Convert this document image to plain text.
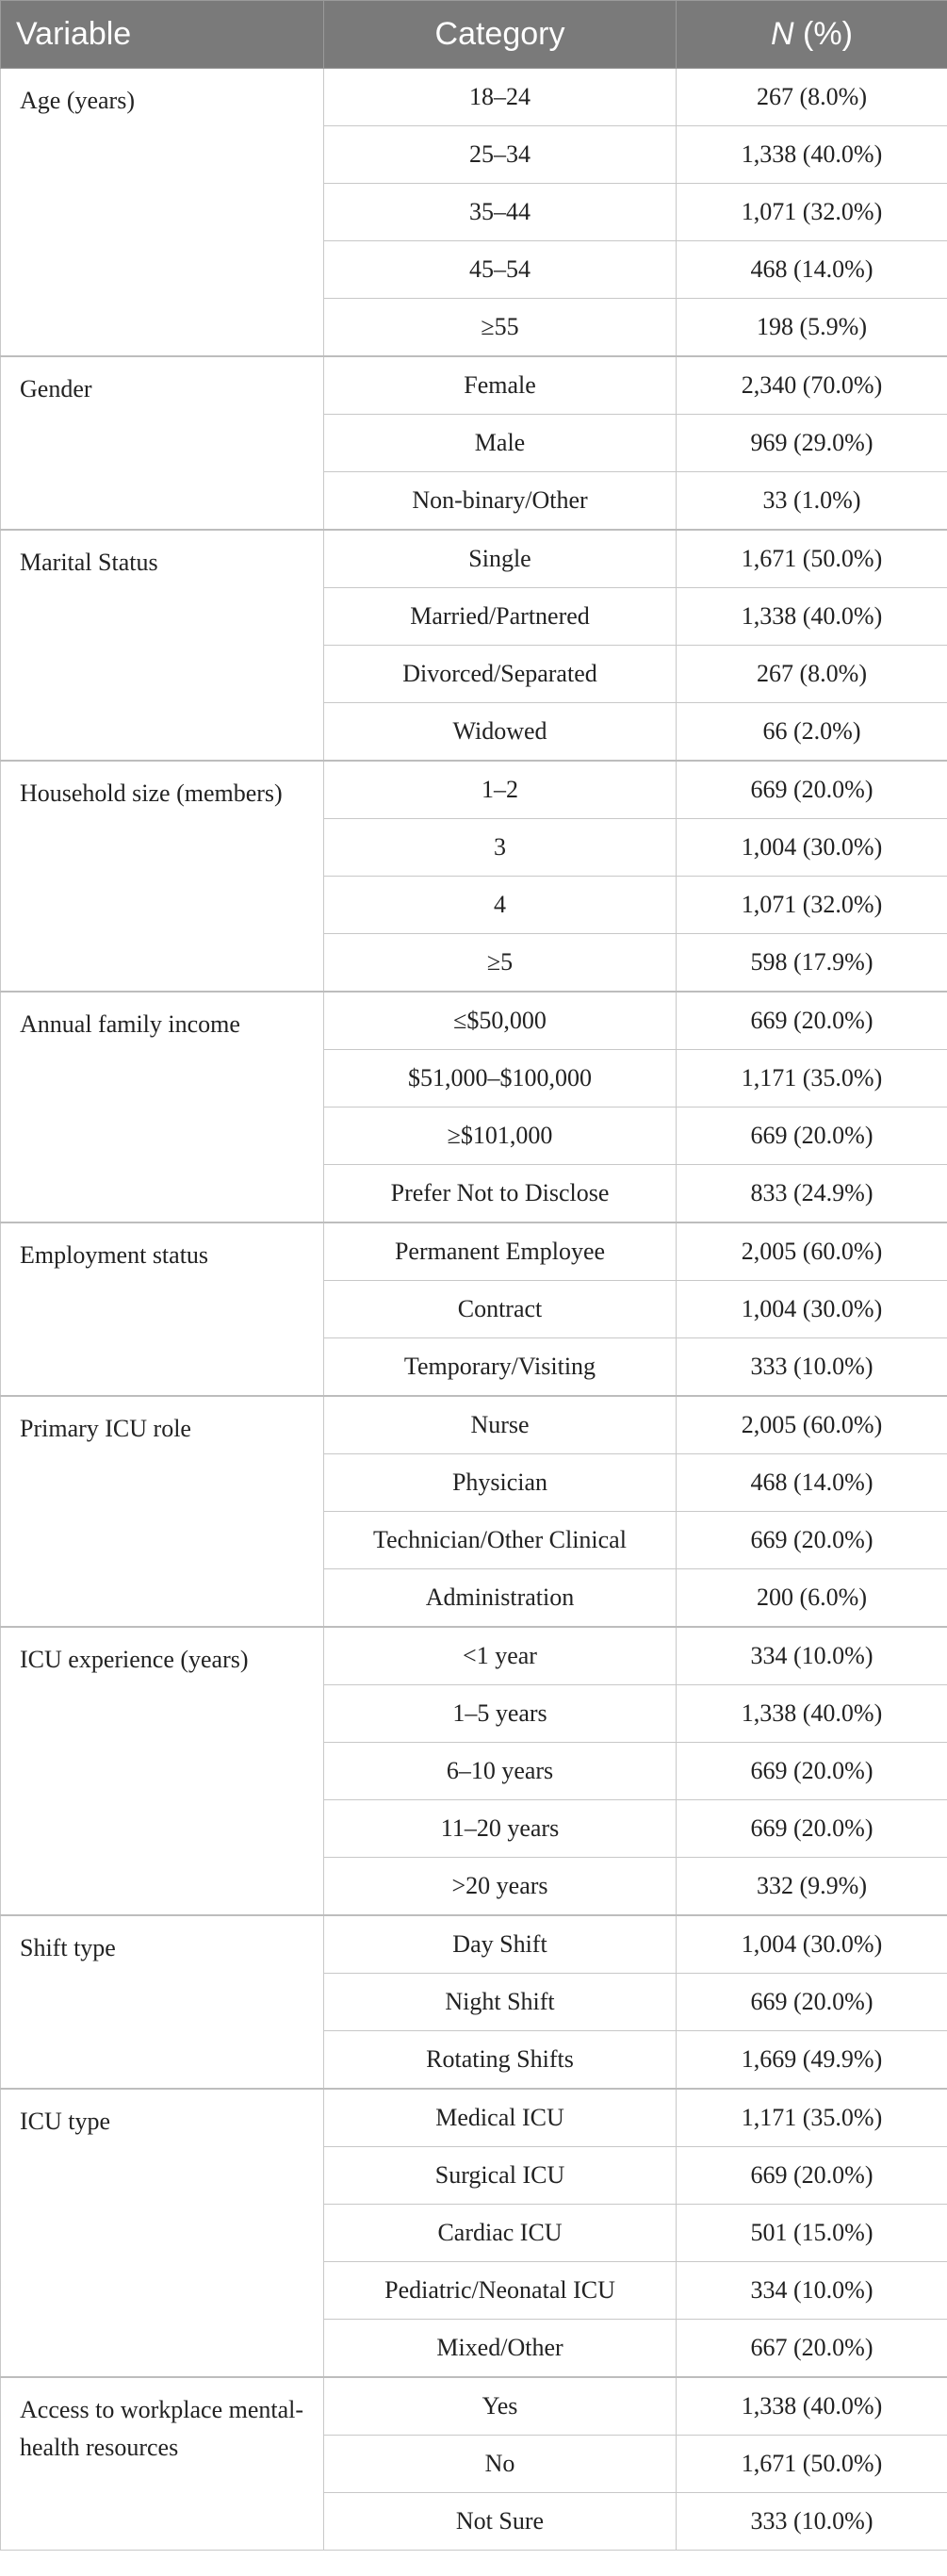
Variable	Category	N (%)
Age (years)	18–24	267 (8.0%)
	25–34	1,338 (40.0%)
	35–44	1,071 (32.0%)
	45–54	468 (14.0%)
	≥55	198 (5.9%)
Gender	Female	2,340 (70.0%)
	Male	969 (29.0%)
	Non-binary/Other	33 (1.0%)
Marital Status	Single	1,671 (50.0%)
	Married/Partnered	1,338 (40.0%)
	Divorced/Separated	267 (8.0%)
	Widowed	66 (2.0%)
Household size (members)	1–2	669 (20.0%)
	3	1,004 (30.0%)
	4	1,071 (32.0%)
	≥5	598 (17.9%)
Annual family income	≤$50,000	669 (20.0%)
	$51,000–$100,000	1,171 (35.0%)
	≥$101,000	669 (20.0%)
	Prefer Not to Disclose	833 (24.9%)
Employment status	Permanent Employee	2,005 (60.0%)
	Contract	1,004 (30.0%)
	Temporary/Visiting	333 (10.0%)
Primary ICU role	Nurse	2,005 (60.0%)
	Physician	468 (14.0%)
	Technician/Other Clinical	669 (20.0%)
	Administration	200 (6.0%)
ICU experience (years)	<1 year	334 (10.0%)
	1–5 years	1,338 (40.0%)
	6–10 years	669 (20.0%)
	11–20 years	669 (20.0%)
	>20 years	332 (9.9%)
Shift type	Day Shift	1,004 (30.0%)
	Night Shift	669 (20.0%)
	Rotating Shifts	1,669 (49.9%)
ICU type	Medical ICU	1,171 (35.0%)
	Surgical ICU	669 (20.0%)
	Cardiac ICU	501 (15.0%)
	Pediatric/Neonatal ICU	334 (10.0%)
	Mixed/Other	667 (20.0%)
Access to workplace mental-health resources	Yes	1,338 (40.0%)
	No	1,671 (50.0%)
	Not Sure	333 (10.0%)
